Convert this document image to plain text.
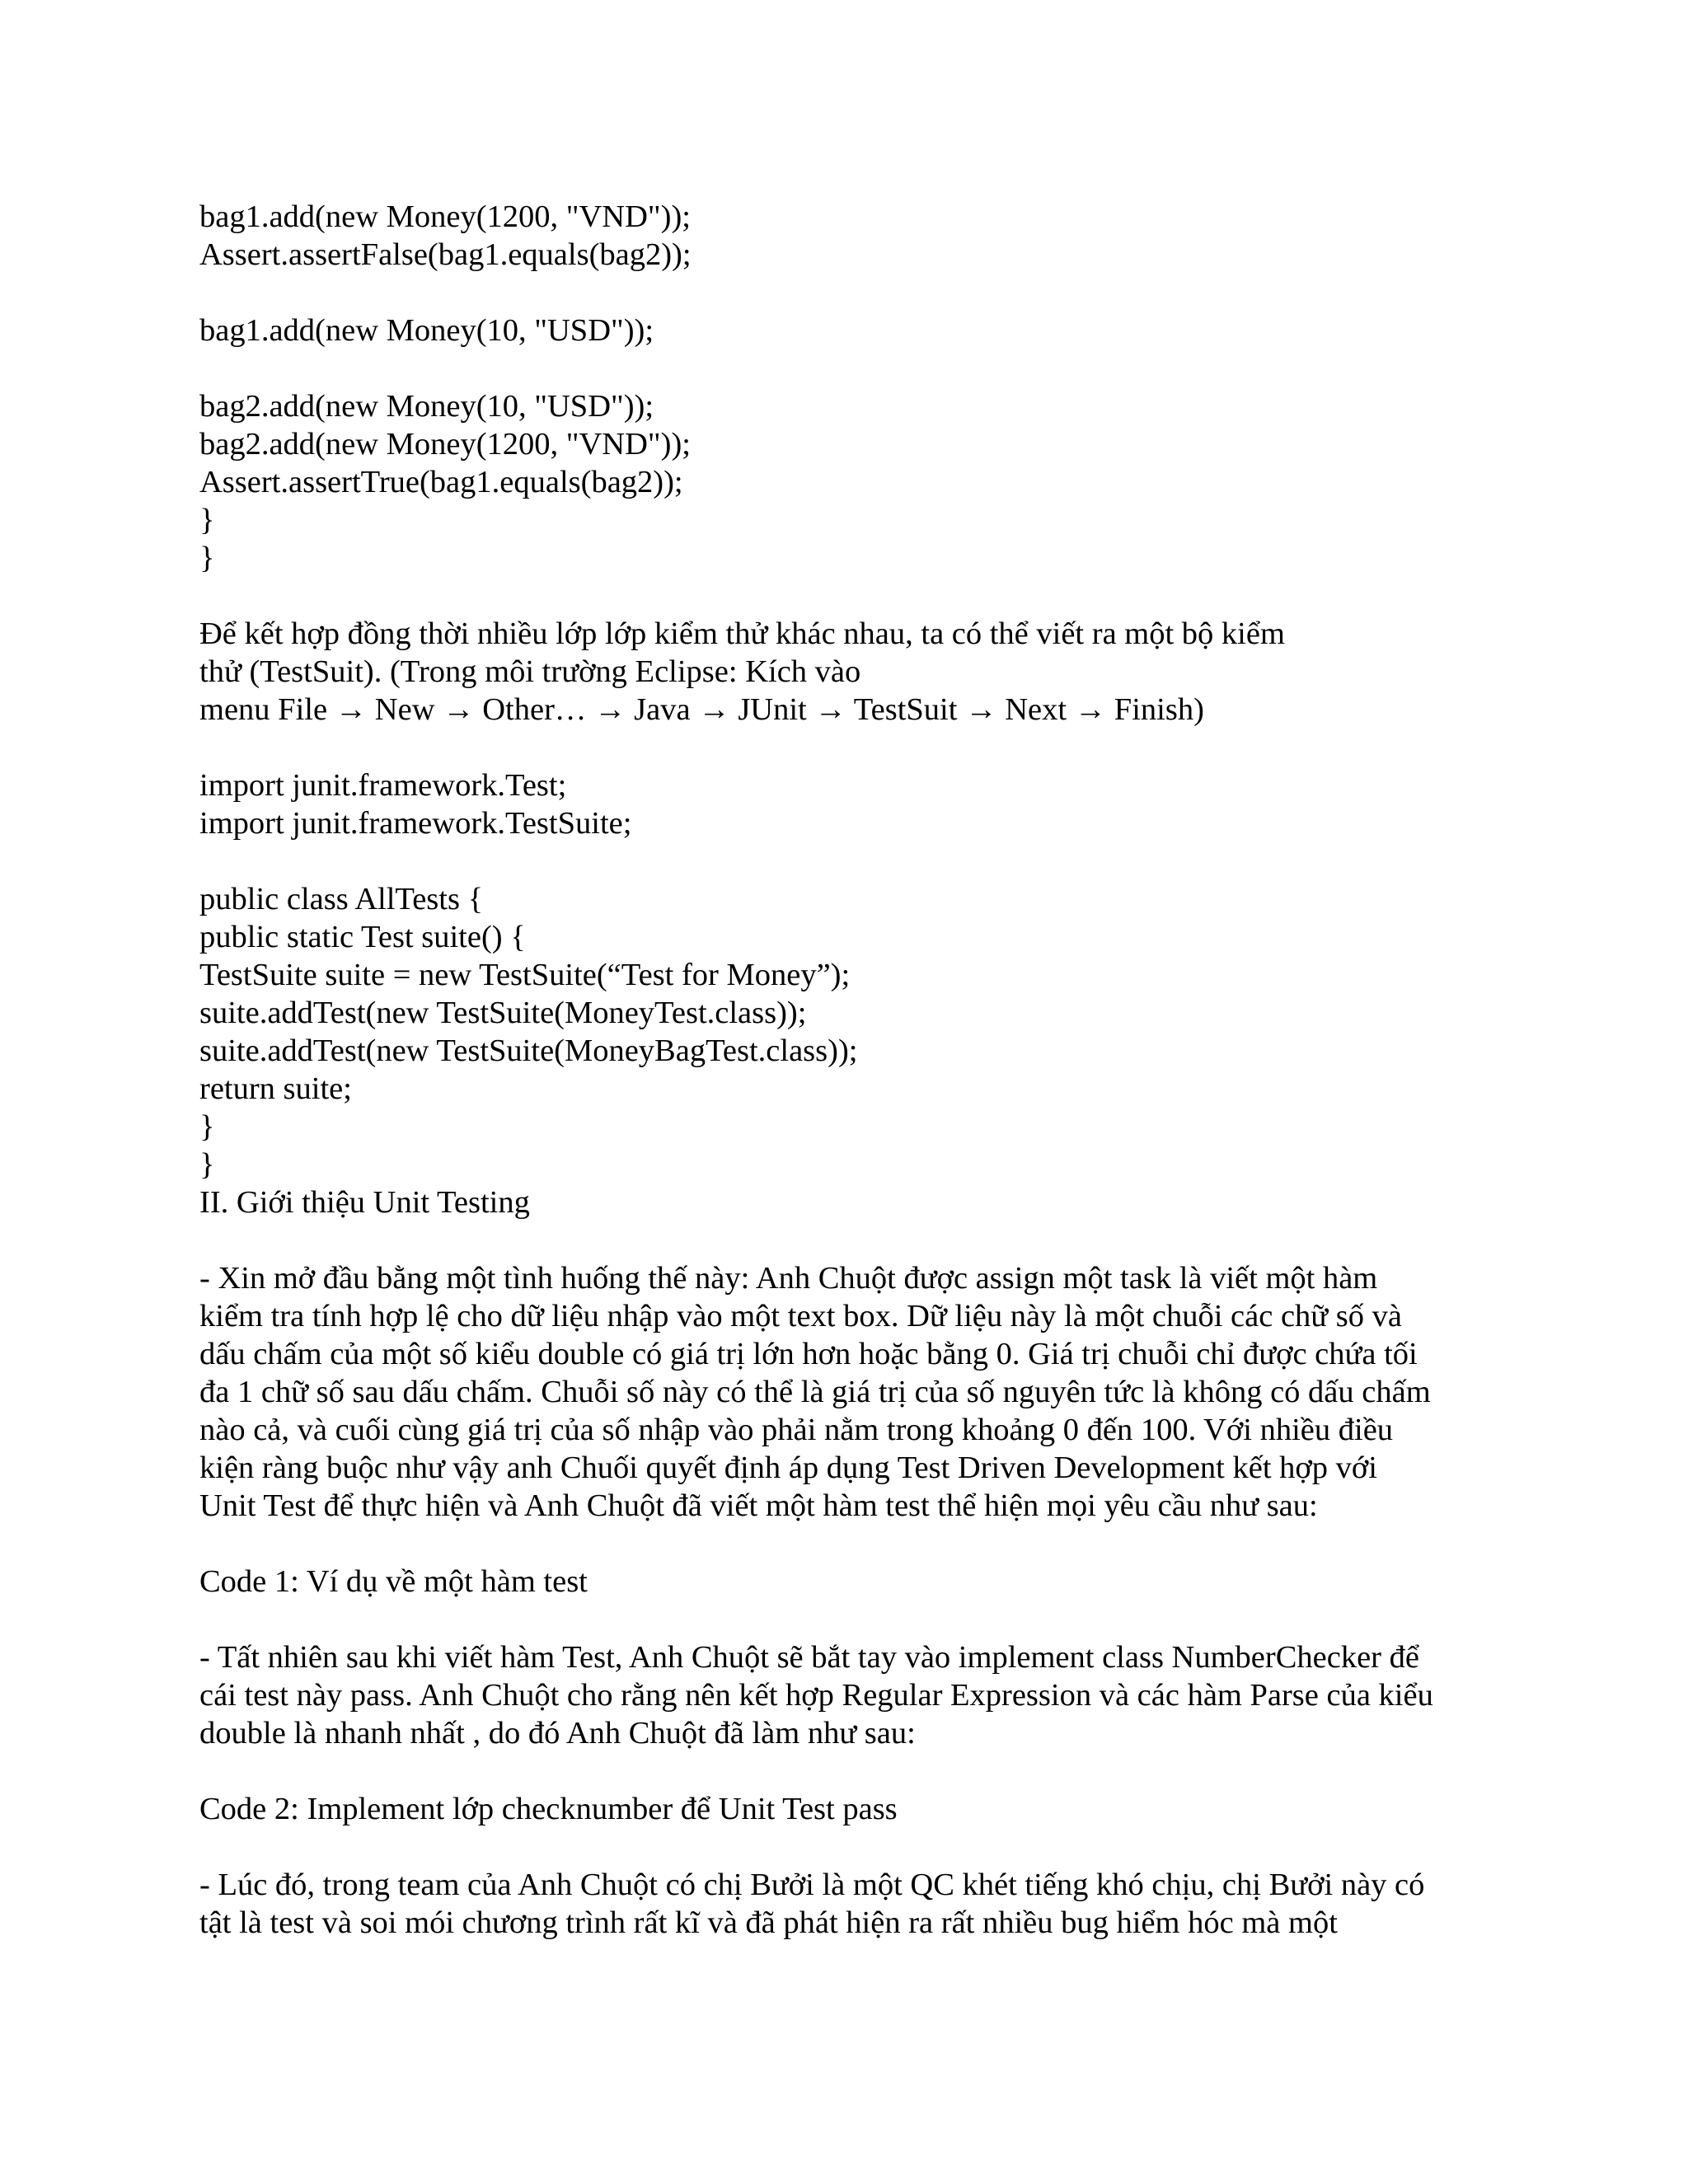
bag1.add(new Money(1200, "VND"));
Assert.assertFalse(bag1.equals(bag2));
bag1.add(new Money(10, "USD"));
bag2.add(new Money(10, "USD"));
bag2.add(new Money(1200, "VND"));
Assert.assertTrue(bag1.equals(bag2));
}
}
Để kết hợp đồng thời nhiều lớp lớp kiểm thử khác nhau, ta có thể viết ra một bộ kiểm
thử (TestSuit). (Trong môi trường Eclipse: Kích vào
menu File → New → Other… → Java → JUnit → TestSuit → Next → Finish)
import junit.framework.Test;
import junit.framework.TestSuite;
public class AllTests {
public static Test suite() {
TestSuite suite = new TestSuite(“Test for Money”);
suite.addTest(new TestSuite(MoneyTest.class));
suite.addTest(new TestSuite(MoneyBagTest.class));
return suite;
}
}
II. Giới thiệu Unit Testing
- Xin mở đầu bằng một tình huống thế này: Anh Chuột được assign một task là viết một hàm
kiểm tra tính hợp lệ cho dữ liệu nhập vào một text box. Dữ liệu này là một chuỗi các chữ số và
dấu chấm của một số kiểu double có giá trị lớn hơn hoặc bằng 0. Giá trị chuỗi chỉ được chứa tối
đa 1 chữ số sau dấu chấm. Chuỗi số này có thể là giá trị của số nguyên tức là không có dấu chấm
nào cả, và cuối cùng giá trị của số nhập vào phải nằm trong khoảng 0 đến 100. Với nhiều điều
kiện ràng buộc như vậy anh Chuối quyết định áp dụng Test Driven Development kết hợp với
Unit Test để thực hiện và Anh Chuột đã viết một hàm test thể hiện mọi yêu cầu như sau:
Code 1: Ví dụ về một hàm test
- Tất nhiên sau khi viết hàm Test, Anh Chuột sẽ bắt tay vào implement class NumberChecker để
cái test này pass. Anh Chuột cho rằng nên kết hợp Regular Expression và các hàm Parse của kiểu
double là nhanh nhất , do đó Anh Chuột đã làm như sau:
Code 2: Implement lớp checknumber để Unit Test pass
- Lúc đó, trong team của Anh Chuột có chị Bưởi là một QC khét tiếng khó chịu, chị Bưởi này có
tật là test và soi mói chương trình rất kĩ và đã phát hiện ra rất nhiều bug hiểm hóc mà một
